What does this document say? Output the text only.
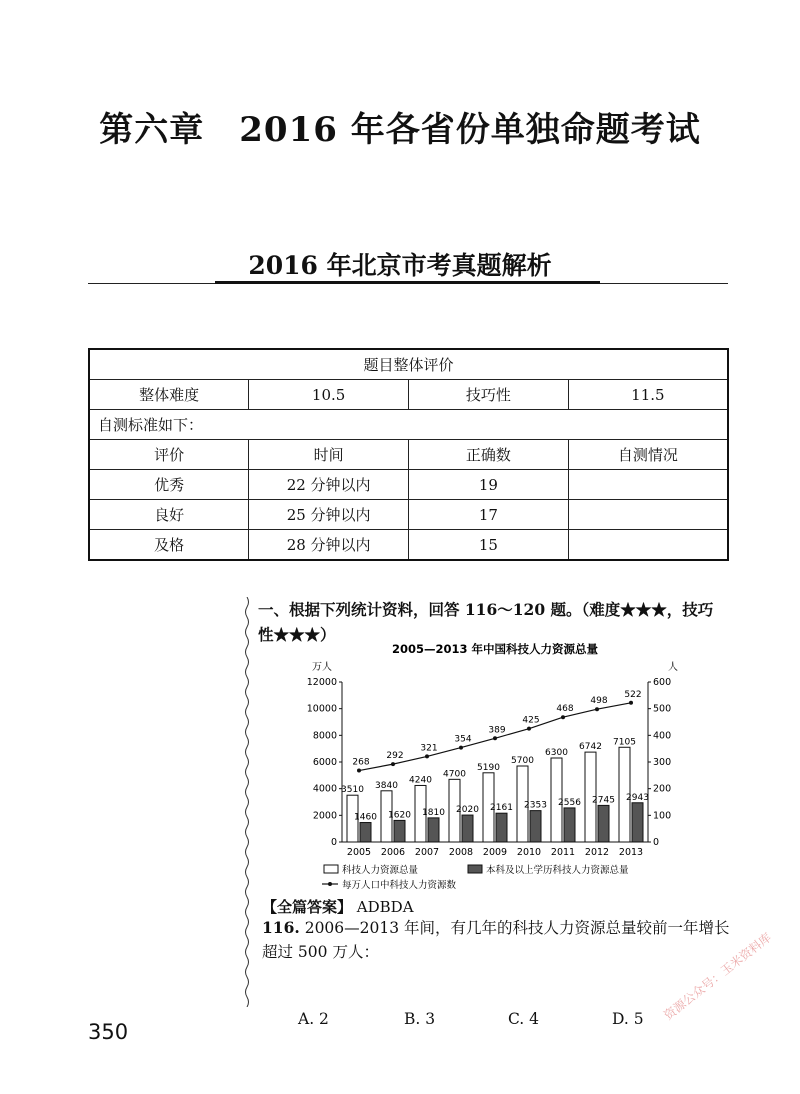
第六章　2016 年各省份单独命题考试
2016 年北京市考真题解析
题目整体评价			
整体难度	10.5	技巧性	11.5
自测标准如下：			
评价	时间	正确数	自测情况
优秀	22 分钟以内	19	
良好	25 分钟以内	17	
及格	28 分钟以内	15	
一、根据下列统计资料，回答 116～120 题。（难度★★★，技巧性★★★）
2005—2013 年中国科技人力资源总量
万人	人
0
2000
4000
6000
8000
10000
12000
0
100
200
300
400
500
600
3510 3840
4240
4700
5190
5700
6300
6742 7105
1460 1620 1810 2020 2161 2353 2556 2745 2943
268
292
321
354
389
425
468
498
522
2005 2006 2007 2008 2009 2010 2011 2012 2013
科技人力资源总量	本科及以上学历科技人力资源总量
每万人口中科技人力资源数
【全篇答案】 ADBDA
116. 2006—2013 年间，有几年的科技人力资源总量较前一年增长超过 500 万人：
A. 2	B. 3	C. 4	D. 5
350
资源公众号：玉米资料库
